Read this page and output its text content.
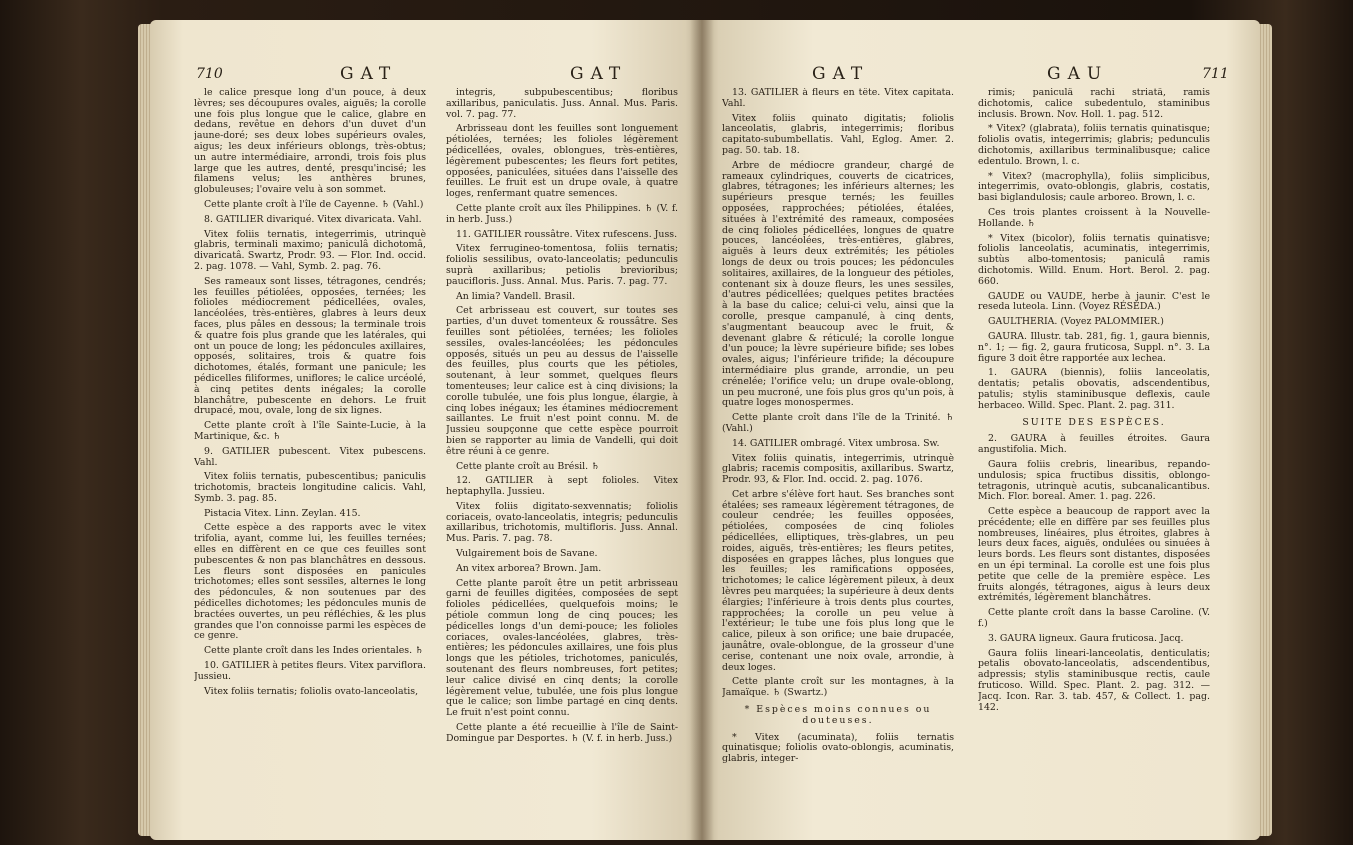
710	GAT	GAT

le calice presque long d'un pouce, à deux lèvres; ses découpures ovales, aiguës; la corolle une fois plus longue que le calice, glabre en dedans, revêtue en dehors d'un duvet d'un jaune-doré; ses deux lobes supérieurs ovales, aigus; les deux inférieurs oblongs, très-obtus; un autre intermédiaire, arrondi, trois fois plus large que les autres, denté, presqu'incisé; les filamens velus; les anthères brunes, globuleuses; l'ovaire velu à son sommet.

Cette plante croît à l'île de Cayenne. ♄ (Vahl.)

8. GATILIER divariqué. Vitex divaricata. Vahl.

Vitex foliis ternatis, integerrimis, utrinquè glabris, terminali maximo; paniculâ dichotomâ, divaricatâ. Swartz, Prodr. 93. — Flor. Ind. occid. 2. pag. 1078. — Vahl, Symb. 2. pag. 76.

Ses rameaux sont lisses, tétragones, cendrés; les feuilles pétiolées, opposées, ternées; les folioles médiocrement pédicellées, ovales, lancéolées, très-entières, glabres à leurs deux faces, plus pâles en dessous; la terminale trois & quatre fois plus grande que les latérales, qui ont un pouce de long; les pédoncules axillaires, opposés, solitaires, trois & quatre fois dichotomes, étalés, formant une panicule; les pédicelles filiformes, uniflores; le calice urcéolé, à cinq petites dents inégales; la corolle blanchâtre, pubescente en dehors. Le fruit drupacé, mou, ovale, long de six lignes.

Cette plante croît à l'île Sainte-Lucie, à la Martinique, &c. ♄

9. GATILIER pubescent. Vitex pubescens. Vahl.

Vitex foliis ternatis, pubescentibus; paniculis trichotomis, bracteis longitudine calicis. Vahl, Symb. 3. pag. 85.

Pistacia Vitex. Linn. Zeylan. 415.

Cette espèce a des rapports avec le vitex trifolia, ayant, comme lui, les feuilles ternées; elles en diffèrent en ce que ces feuilles sont pubescentes & non pas blanchâtres en dessous. Les fleurs sont disposées en panicules trichotomes; elles sont sessiles, alternes le long des pédoncules, & non soutenues par des pédicelles dichotomes; les pédoncules munis de bractées ouvertes, un peu réfléchies, & les plus grandes que l'on connoisse parmi les espèces de ce genre.

Cette plante croît dans les Indes orientales. ♄

10. GATILIER à petites fleurs. Vitex parviflora. Jussieu.

Vitex foliis ternatis; foliolis ovato-lanceolatis,

integris, subpubescentibus; floribus axillaribus, paniculatis. Juss. Annal. Mus. Paris. vol. 7. pag. 77.

Arbrisseau dont les feuilles sont longuement pétiolées, ternées; les folioles légèrement pédicellées, ovales, oblongues, très-entières, légèrement pubescentes; les fleurs fort petites, opposées, paniculées, situées dans l'aisselle des feuilles. Le fruit est un drupe ovale, à quatre loges, renfermant quatre semences.

Cette plante croît aux îles Philippines. ♄ (V. f. in herb. Juss.)

11. GATILIER roussâtre. Vitex rufescens. Juss.

Vitex ferrugineo-tomentosa, foliis ternatis; foliolis sessilibus, ovato-lanceolatis; pedunculis suprà axillaribus; petiolis brevioribus; paucifloris. Juss. Annal. Mus. Paris. 7. pag. 77.

An limia? Vandell. Brasil.

Cet arbrisseau est couvert, sur toutes ses parties, d'un duvet tomenteux & roussâtre. Ses feuilles sont pétiolées, ternées; les folioles sessiles, ovales-lancéolées; les pédoncules opposés, situés un peu au dessus de l'aisselle des feuilles, plus courts que les pétioles, soutenant, à leur sommet, quelques fleurs tomenteuses; leur calice est à cinq divisions; la corolle tubulée, une fois plus longue, élargie, à cinq lobes inégaux; les étamines médiocrement saillantes. Le fruit n'est point connu. M. de Jussieu soupçonne que cette espèce pourroit bien se rapporter au limia de Vandelli, qui doit être réuni à ce genre.

Cette plante croît au Brésil. ♄

12. GATILIER à sept folioles. Vitex heptaphylla. Jussieu.

Vitex foliis digitato-sexvennatis; foliolis coriaceis, ovato-lanceolatis, integris; pedunculis axillaribus, trichotomis, multifloris. Juss. Annal. Mus. Paris. 7. pag. 78.

Vulgairement bois de Savane.

An vitex arborea? Brown. Jam.

Cette plante paroît être un petit arbrisseau garni de feuilles digitées, composées de sept folioles pédicellées, quelquefois moins; le pétiole commun long de cinq pouces; les pédicelles longs d'un demi-pouce; les folioles coriaces, ovales-lancéolées, glabres, très-entières; les pédoncules axillaires, une fois plus longs que les pétioles, trichotomes, paniculés, soutenant des fleurs nombreuses, fort petites; leur calice divisé en cinq dents; la corolle légèrement velue, tubulée, une fois plus longue que le calice; son limbe partagé en cinq dents. Le fruit n'est point connu.

Cette plante a été recueillie à l'île de Saint-Domingue par Desportes. ♄ (V. f. in herb. Juss.)

GAT	GAU	711

13. GATILIER à fleurs en tête. Vitex capitata. Vahl.

Vitex foliis quinato digitatis; foliolis lanceolatis, glabris, integerrimis; floribus capitato-subumbellatis. Vahl, Eglog. Amer. 2. pag. 50. tab. 18.

Arbre de médiocre grandeur, chargé de rameaux cylindriques, couverts de cicatrices, glabres, tétragones; les inférieurs alternes; les supérieurs presque ternés; les feuilles opposées, rapprochées; pétiolées, étalées, situées à l'extrémité des rameaux, composées de cinq folioles pédicellées, longues de quatre pouces, lancéolées, très-entières, glabres, aiguës à leurs deux extrémités; les pétioles longs de deux ou trois pouces; les pédoncules solitaires, axillaires, de la longueur des pétioles, contenant six à douze fleurs, les unes sessiles, d'autres pédicellées; quelques petites bractées à la base du calice; celui-ci velu, ainsi que la corolle, presque campanulé, à cinq dents, s'augmentant beaucoup avec le fruit, & devenant glabre & réticulé; la corolle longue d'un pouce; la lèvre supérieure bifide; ses lobes ovales, aigus; l'inférieure trifide; la découpure intermédiaire plus grande, arrondie, un peu crénelée; l'orifice velu; un drupe ovale-oblong, un peu mucroné, une fois plus gros qu'un pois, à quatre loges monospermes.

Cette plante croît dans l'île de la Trinité. ♄ (Vahl.)

14. GATILIER ombragé. Vitex umbrosa. Sw.

Vitex foliis quinatis, integerrimis, utrinquè glabris; racemis compositis, axillaribus. Swartz, Prodr. 93, & Flor. Ind. occid. 2. pag. 1076.

Cet arbre s'élève fort haut. Ses branches sont étalées; ses rameaux légèrement tétragones, de couleur cendrée; les feuilles opposées, pétiolées, composées de cinq folioles pédicellées, elliptiques, très-glabres, un peu roides, aiguës, très-entières; les fleurs petites, disposées en grappes lâches, plus longues que les feuilles; les ramifications opposées, trichotomes; le calice légèrement pileux, à deux lèvres peu marquées; la supérieure à deux dents élargies; l'inférieure à trois dents plus courtes, rapprochées; la corolle un peu velue à l'extérieur; le tube une fois plus long que le calice, pileux à son orifice; une baie drupacée, jaunâtre, ovale-oblongue, de la grosseur d'une cerise, contenant une noix ovale, arrondie, à deux loges.

Cette plante croît sur les montagnes, à la Jamaïque. ♄ (Swartz.)

* Espèces moins connues ou douteuses.

* Vitex (acuminata), foliis ternatis quinatisque; foliolis ovato-oblongis, acuminatis, glabris, integer-

rimis; paniculâ rachi striatâ, ramis dichotomis, calice subedentulo, staminibus inclusis. Brown. Nov. Holl. 1. pag. 512.

* Vitex? (glabrata), foliis ternatis quinatisque; foliolis ovatis, integerrimis; glabris; pedunculis dichotomis, axillaribus terminalibusque; calice edentulo. Brown, l. c.

* Vitex? (macrophylla), foliis simplicibus, integerrimis, ovato-oblongis, glabris, costatis, basi biglandulosis; caule arboreo. Brown, l. c.

Ces trois plantes croissent à la Nouvelle-Hollande. ♄

* Vitex (bicolor), foliis ternatis quinatisve; foliolis lanceolatis, acuminatis, integerrimis, subtùs albo-tomentosis; paniculâ ramis dichotomis. Willd. Enum. Hort. Berol. 2. pag. 660.

GAUDE ou VAUDE, herbe à jaunir. C'est le reseda luteola. Linn. (Voyez RÉSÉDA.)

GAULTHERIA. (Voyez PALOMMIER.)

GAURA. Illustr. tab. 281, fig. 1, gaura biennis, n°. 1; — fig. 2, gaura fruticosa, Suppl. n°. 3. La figure 3 doit être rapportée aux lechea.

1. GAURA (biennis), foliis lanceolatis, dentatis; petalis obovatis, adscendentibus, patulis; stylis staminibusque deflexis, caule herbaceo. Willd. Spec. Plant. 2. pag. 311.

SUITE DES ESPÈCES.

2. GAURA à feuilles étroites. Gaura angustifolia. Mich.

Gaura foliis crebris, linearibus, repando-undulosis; spica fructibus dissitis, oblongo-tetragonis, utrinquè acutis, subcanalicantibus. Mich. Flor. boreal. Amer. 1. pag. 226.

Cette espèce a beaucoup de rapport avec la précédente; elle en diffère par ses feuilles plus nombreuses, linéaires, plus étroites, glabres à leurs deux faces, aiguës, ondulées ou sinuées à leurs bords. Les fleurs sont distantes, disposées en un épi terminal. La corolle est une fois plus petite que celle de la première espèce. Les fruits alongés, tétragones, aigus à leurs deux extrémités, légèrement blanchâtres.

Cette plante croît dans la basse Caroline. (V. f.)

3. GAURA ligneux. Gaura fruticosa. Jacq.

Gaura foliis lineari-lanceolatis, denticulatis; petalis obovato-lanceolatis, adscendentibus, adpressis; stylis staminibusque rectis, caule fruticoso. Willd. Spec. Plant. 2. pag. 312. — Jacq. Icon. Rar. 3. tab. 457, & Collect. 1. pag. 142.
